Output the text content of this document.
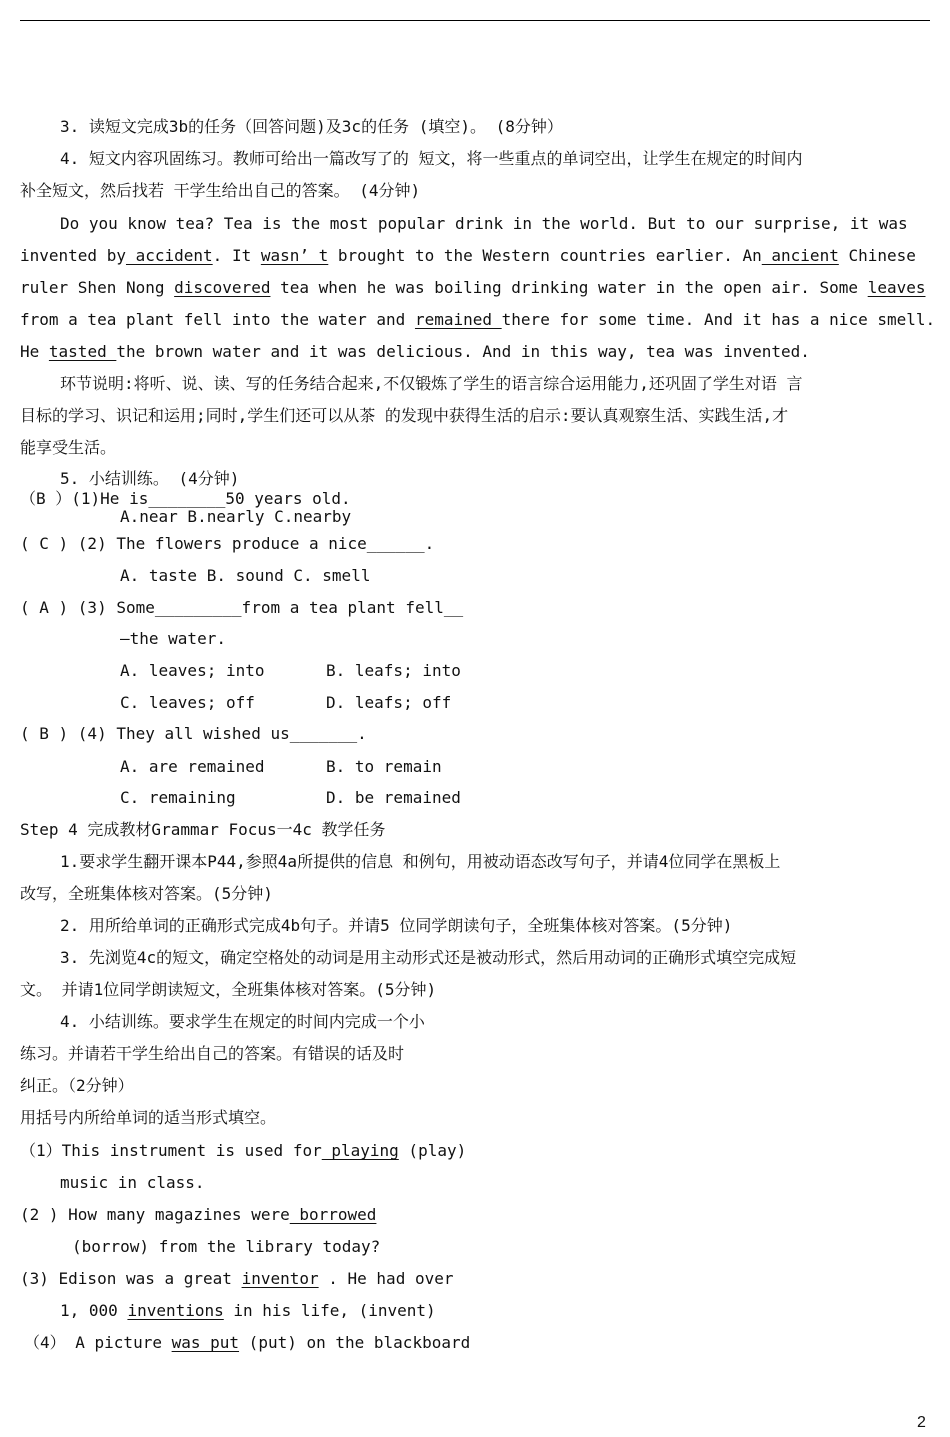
3. 读短文完成3b的任务（回答问题)及3c的任务 (填空)。 (8分钟）
4. 短文内容巩固练习。教师可给出一篇改写了的 短文，将一些重点的单词空出，让学生在规定的时间内
补全短文，然后找若 干学生给出自己的答案。 (4分钟)
Do you know tea? Tea is the most popular drink in the world. But to our surprise, it was
invented by accident. It wasn’ t brought to the Western countries earlier. An ancient Chinese
ruler Shen Nong discovered tea when he was boiling drinking water in the open air. Some leaves
from a tea plant fell into the water and remained there for some time. And it has a nice smell.
He tasted the brown water and it was delicious. And in this way, tea was invented.
环节说明:将听、说、读、写的任务结合起来,不仅锻炼了学生的语言综合运用能力,还巩固了学生对语 言
目标的学习、识记和运用;同时,学生们还可以从茶 的发现中获得生活的启示:要认真观察生活、实践生活,才
能享受生活。
5. 小结训练。 (4分钟)
（B ）(1)He is________50 years old.
A.near B.nearly C.nearby
( C ) (2) The flowers produce a nice______.
A. taste B. sound C. smell
( A ) (3) Some_________from a tea plant fell__
—the water.
A. leaves; into	B. leafs; into
C. leaves; off	D. leafs; off
( B ) (4) They all wished us_______.
A. are remained	B. to remain
C. remaining	D. be remained
Step 4 完成教材Grammar Focus一4c 教学任务
1.要求学生翻开课本P44,参照4a所提供的信息 和例句，用被动语态改写句子，并请4位同学在黑板上
改写，全班集体核对答案。(5分钟)
2. 用所给单词的正确形式完成4b句子。并请5 位同学朗读句子，全班集体核对答案。(5分钟)
3. 先浏览4c的短文，确定空格处的动词是用主动形式还是被动形式，然后用动词的正确形式填空完成短
文。 并请1位同学朗读短文，全班集体核对答案。(5分钟)
4. 小结训练。要求学生在规定的时间内完成一个小
练习。并请若干学生给出自己的答案。有错误的话及时
纠正。（2分钟）
用括号内所给单词的适当形式填空。
（1）This instrument is used for playing (play)
music in class.
(2 ) How many magazines were borrowed
(borrow) from the library today?
(3) Edison was a great inventor . He had over
1, 000 inventions in his life, (invent)
（4） A picture was put (put) on the blackboard
2
